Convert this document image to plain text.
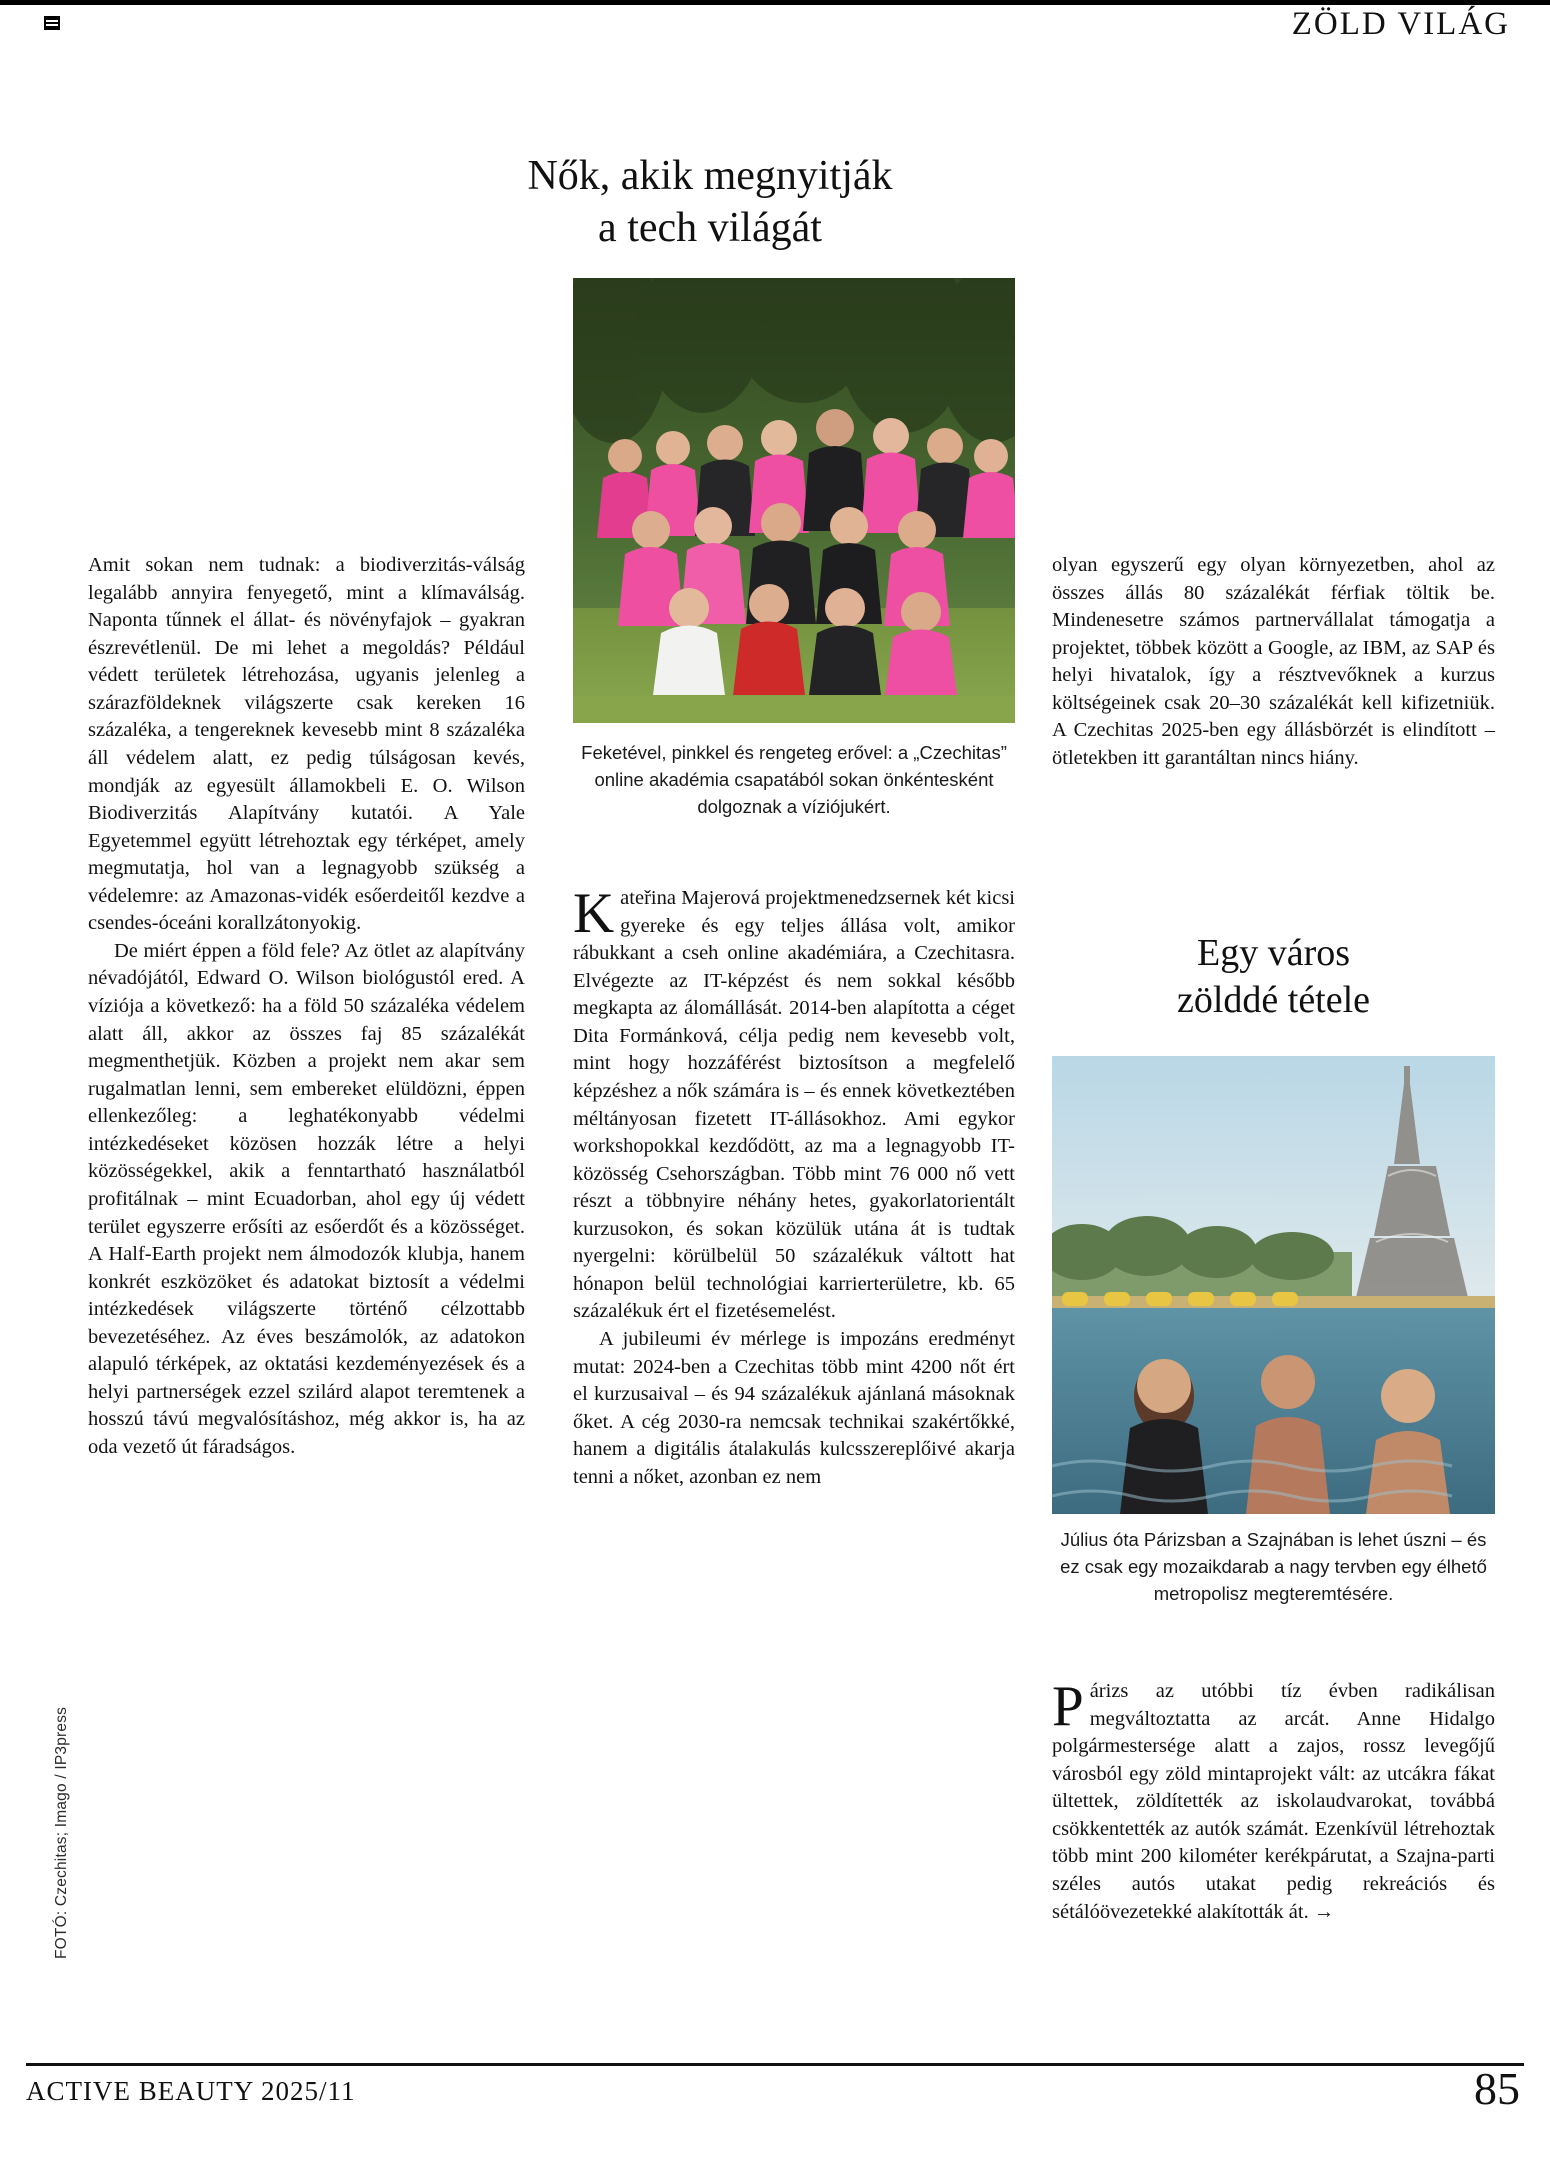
ZÖLD VILÁG
Nők, akik megnyitják
a tech világát
Feketével, pinkkel és rengeteg erővel: a „Czechitas” online akadémia csapatából sokan önkéntesként dolgoznak a víziójukért.

Amit sokan nem tudnak: a biodiverzitás-válság legalább annyira fenyegető, mint a klímaválság. Naponta tűnnek el állat- és növényfajok – gyakran észrevétlenül. De mi lehet a megoldás? Például védett területek létrehozása, ugyanis jelenleg a szárazföldeknek világszerte csak kereken 16 százaléka, a tengereknek kevesebb mint 8 százaléka áll védelem alatt, ez pedig túlságosan kevés, mondják az egyesült államokbeli E. O. Wilson Biodiverzitás Alapítvány kutatói. A Yale Egyetemmel együtt létrehoztak egy térképet, amely megmutatja, hol van a legnagyobb szükség a védelemre: az Amazonas-vidék esőerdeitől kezdve a csendes-óceáni korallzátonyokig.

De miért éppen a föld fele? Az ötlet az alapítvány névadójától, Edward O. Wilson biológustól ered. A víziója a következő: ha a föld 50 százaléka védelem alatt áll, akkor az összes faj 85 százalékát megmenthetjük. Közben a projekt nem akar sem rugalmatlan lenni, sem embereket elüldözni, éppen ellenkezőleg: a leghatékonyabb védelmi intézkedéseket közösen hozzák létre a helyi közösségekkel, akik a fenntartható használatból profitálnak – mint Ecuadorban, ahol egy új védett terület egyszerre erősíti az esőerdőt és a közösséget. A Half-Earth projekt nem álmodozók klubja, hanem konkrét eszközöket és adatokat biztosít a védelmi intézkedések világszerte történő célzottabb bevezetéséhez. Az éves beszámolók, az adatokon alapuló térképek, az oktatási kezdeményezések és a helyi partnerségek ezzel szilárd alapot teremtenek a hosszú távú megvalósításhoz, még akkor is, ha az oda vezető út fáradságos.

Kateřina Majerová projektmenedzsernek két kicsi gyereke és egy teljes állása volt, amikor rábukkant a cseh online akadémiára, a Czechitasra. Elvégezte az IT-képzést és nem sokkal később megkapta az álomállását. 2014-ben alapította a céget Dita Formánková, célja pedig nem kevesebb volt, mint hogy hozzáférést biztosítson a megfelelő képzéshez a nők számára is – és ennek következtében méltányosan fizetett IT-állásokhoz. Ami egykor workshopokkal kezdődött, az ma a legnagyobb IT-közösség Csehországban. Több mint 76 000 nő vett részt a többnyire néhány hetes, gyakorlatorientált kurzusokon, és sokan közülük utána át is tudtak nyergelni: körülbelül 50 százalékuk váltott hat hónapon belül technológiai karrierterületre, kb. 65 százalékuk ért el fizetésemelést.

A jubileumi év mérlege is impozáns eredményt mutat: 2024-ben a Czechitas több mint 4200 nőt ért el kurzusaival – és 94 százalékuk ajánlaná másoknak őket. A cég 2030-ra nemcsak technikai szakértőkké, hanem a digitális átalakulás kulcsszereplőivé akarja tenni a nőket, azonban ez nem

olyan egyszerű egy olyan környezetben, ahol az összes állás 80 százalékát férfiak töltik be. Mindenesetre számos partnervállalat támogatja a projektet, többek között a Google, az IBM, az SAP és helyi hivatalok, így a résztvevőknek a kurzus költségeinek csak 20–30 százalékát kell kifizetniük. A Czechitas 2025-ben egy állásbörzét is elindított – ötletekben itt garantáltan nincs hiány.

Egy város
zölddé tétele
Július óta Párizsban a Szajnában is lehet úszni – és ez csak egy mozaikdarab a nagy tervben egy élhető metropolisz megteremtésére.

Párizs az utóbbi tíz évben radikálisan megváltoztatta az arcát. Anne Hidalgo polgármestersége alatt a zajos, rossz levegőjű városból egy zöld mintaprojekt vált: az utcákra fákat ültettek, zöldítették az iskolaudvarokat, továbbá csökkentették az autók számát. Ezenkívül létrehoztak több mint 200 kilométer kerékpárutat, a Szajna-parti széles autós utakat pedig rekreációs és sétálóövezetekké alakították át. →

FOTÓ: Czechitas; Imago / IP3press
ACTIVE BEAUTY 2025/11	85
